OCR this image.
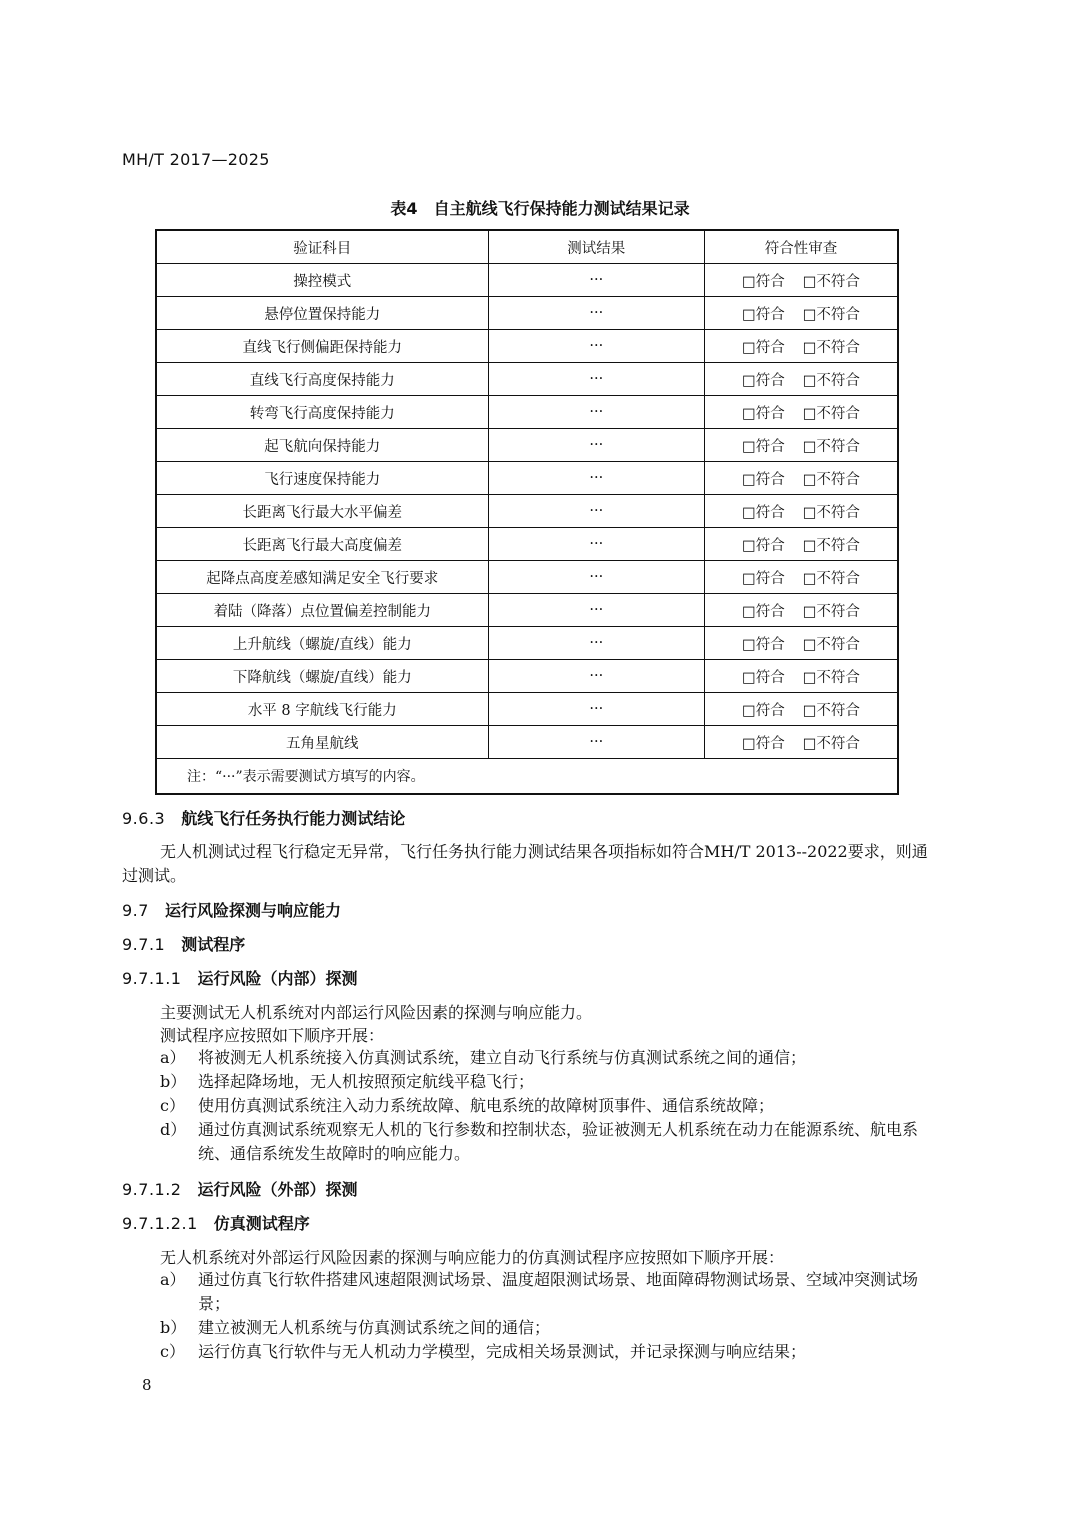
MH/T 2017—2025
表4 自主航线飞行保持能力测试结果记录
验证科目	测试结果	符合性审查
操控模式	···	□符合 □不符合
悬停位置保持能力	···	□符合 □不符合
直线飞行侧偏距保持能力	···	□符合 □不符合
直线飞行高度保持能力	···	□符合 □不符合
转弯飞行高度保持能力	···	□符合 □不符合
起飞航向保持能力	···	□符合 □不符合
飞行速度保持能力	···	□符合 □不符合
长距离飞行最大水平偏差	···	□符合 □不符合
长距离飞行最大高度偏差	···	□符合 □不符合
起降点高度差感知满足安全飞行要求	···	□符合 □不符合
着陆（降落）点位置偏差控制能力	···	□符合 □不符合
上升航线（螺旋/直线）能力	···	□符合 □不符合
下降航线（螺旋/直线）能力	···	□符合 □不符合
水平 8 字航线飞行能力	···	□符合 □不符合
五角星航线	···	□符合 □不符合
注：“···”表示需要测试方填写的内容。		
9.6.3 航线飞行任务执行能力测试结论
无人机测试过程飞行稳定无异常，飞行任务执行能力测试结果各项指标如符合MH/T 2013--2022要求，则通过测试。
9.7 运行风险探测与响应能力
9.7.1 测试程序
9.7.1.1 运行风险（内部）探测
主要测试无人机系统对内部运行风险因素的探测与响应能力。
测试程序应按照如下顺序开展：
a） 将被测无人机系统接入仿真测试系统，建立自动飞行系统与仿真测试系统之间的通信；
b） 选择起降场地，无人机按照预定航线平稳飞行；
c） 使用仿真测试系统注入动力系统故障、航电系统的故障树顶事件、通信系统故障；
d） 通过仿真测试系统观察无人机的飞行参数和控制状态，验证被测无人机系统在动力在能源系统、航电系统、通信系统发生故障时的响应能力。
9.7.1.2 运行风险（外部）探测
9.7.1.2.1 仿真测试程序
无人机系统对外部运行风险因素的探测与响应能力的仿真测试程序应按照如下顺序开展：
a） 通过仿真飞行软件搭建风速超限测试场景、温度超限测试场景、地面障碍物测试场景、空域冲突测试场景；
b） 建立被测无人机系统与仿真测试系统之间的通信；
c） 运行仿真飞行软件与无人机动力学模型，完成相关场景测试，并记录探测与响应结果；
8
